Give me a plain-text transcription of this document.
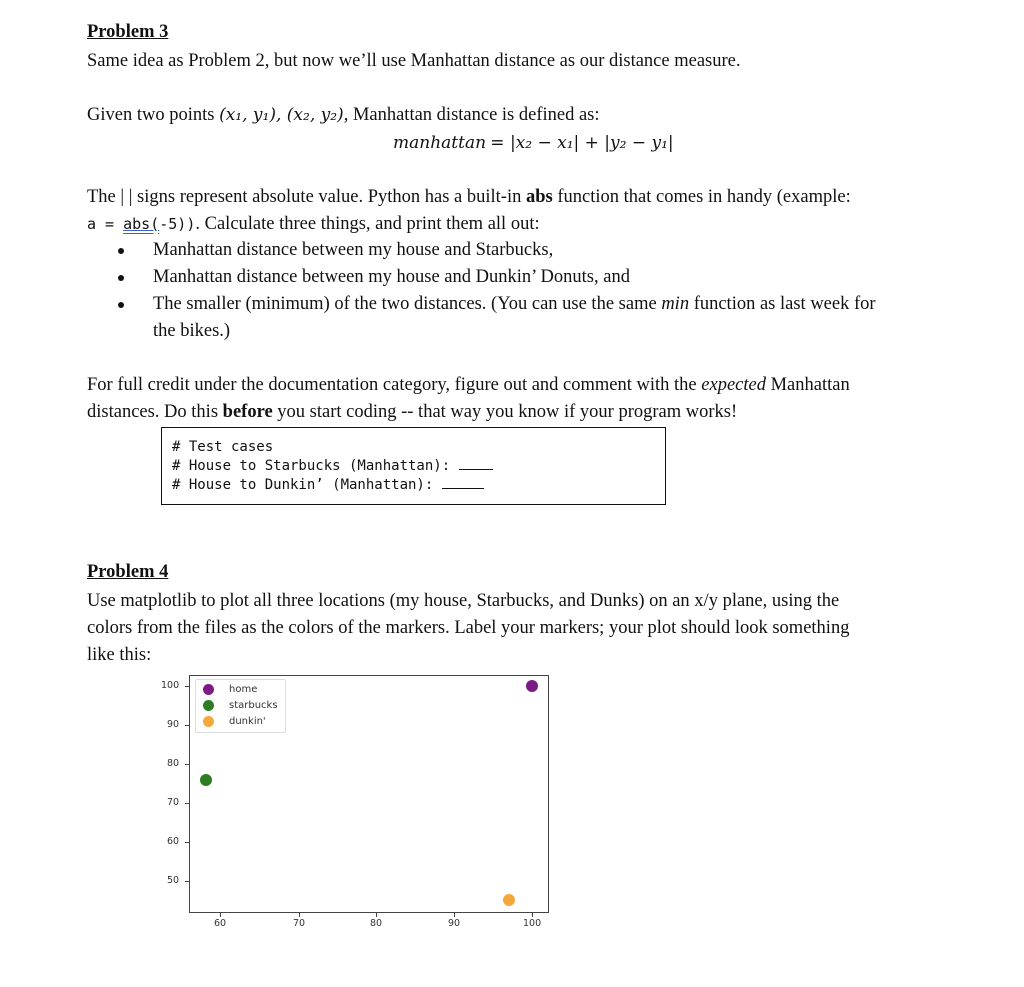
Problem 3
Same idea as Problem 2, but now we’ll use Manhattan distance as our distance measure.
Given two points (x₁, y₁), (x₂, y₂), Manhattan distance is defined as:
manhattan = |x₂ − x₁| + |y₂ − y₁|
The | | signs represent absolute value. Python has a built-in abs function that comes in handy (example:
a = abs(-5)). Calculate three things, and print them all out:
Manhattan distance between my house and Starbucks,
Manhattan distance between my house and Dunkin’ Donuts, and
The smaller (minimum) of the two distances. (You can use the same min function as last week for
the bikes.)
For full credit under the documentation category, figure out and comment with the expected Manhattan
distances. Do this before you start coding -- that way you know if your program works!
# Test cases
# House to Starbucks (Manhattan):
# House to Dunkin’ (Manhattan):
Problem 4
Use matplotlib to plot all three locations (my house, Starbucks, and Dunks) on an x/y plane, using the
colors from the files as the colors of the markers. Label your markers; your plot should look something
like this:
100
90
80
70
60
50
60	70	80	90	100
home
starbucks
dunkin'
